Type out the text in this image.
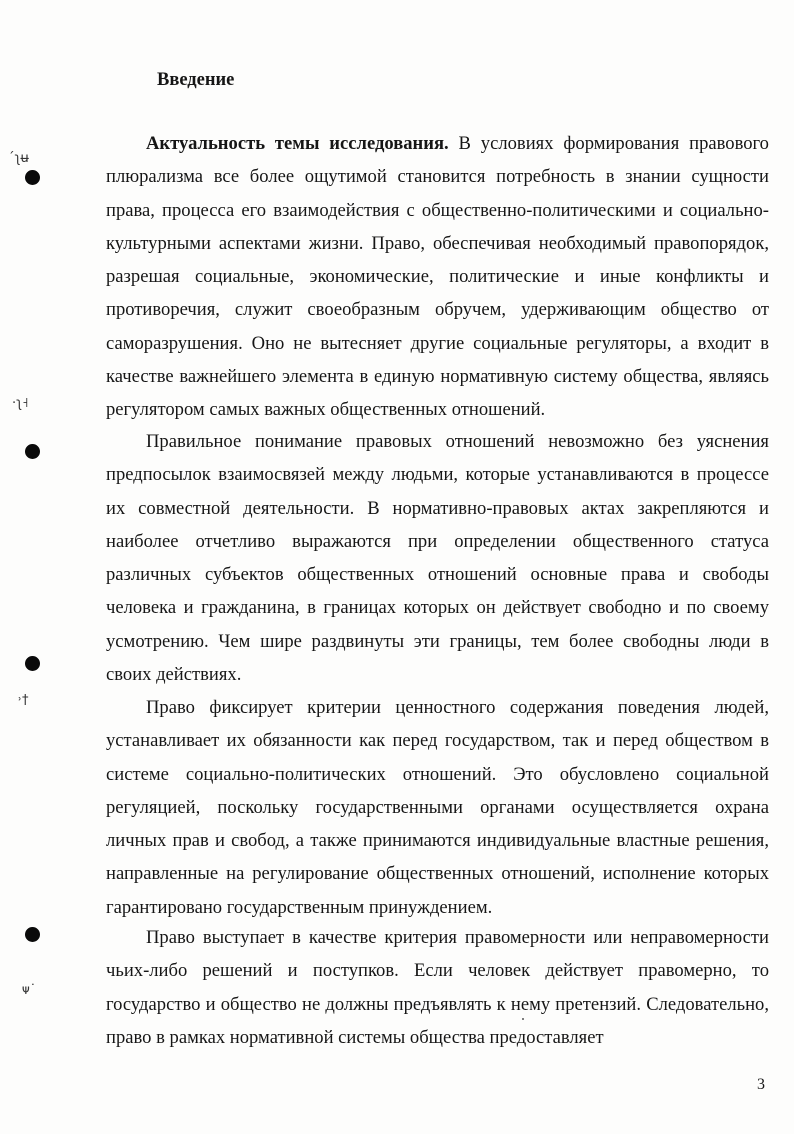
Введение

Актуальность темы исследования. В условиях формирования правового плюрализма все более ощутимой становится потребность в знании сущности права, процесса его взаимодействия с общественно-политическими и социально-культурными аспектами жизни. Право, обеспечивая необходимый правопорядок, разрешая социальные, экономические, политические и иные конфликты и противоречия, служит своеобразным обручем, удерживающим общество от саморазрушения. Оно не вытесняет другие социальные регуляторы, а входит в качестве важнейшего элемента в единую нормативную систему общества, являясь регулятором самых важных общественных отношений.

Правильное понимание правовых отношений невозможно без уяснения предпосылок взаимосвязей между людьми, которые устанавливаются в процессе их совместной деятельности. В нормативно-правовых актах закрепляются и наиболее отчетливо выражаются при определении общественного статуса различных субъектов общественных отношений основные права и свободы человека и гражданина, в границах которых он действует свободно и по своему усмотрению. Чем шире раздвинуты эти границы, тем более свободны люди в своих действиях.

Право фиксирует критерии ценностного содержания поведения людей, устанавливает их обязанности как перед государством, так и перед обществом в системе социально-политических отношений. Это обусловлено социальной регуляцией, поскольку государственными органами осуществляется охрана личных прав и свобод, а также принимаются индивидуальные властные решения, направленные на регулирование общественных отношений, исполнение которых гарантировано государственным принуждением.

Право выступает в качестве критерия правомерности или неправомерности чьих-либо решений и поступков. Если человек действует правомерно, то государство и общество не должны предъявлять к нему претензий. Следовательно, право в рамках нормативной системы общества предоставляет

´ʅʉ
·ʅ˧
˒†
ᴪ˙
3
